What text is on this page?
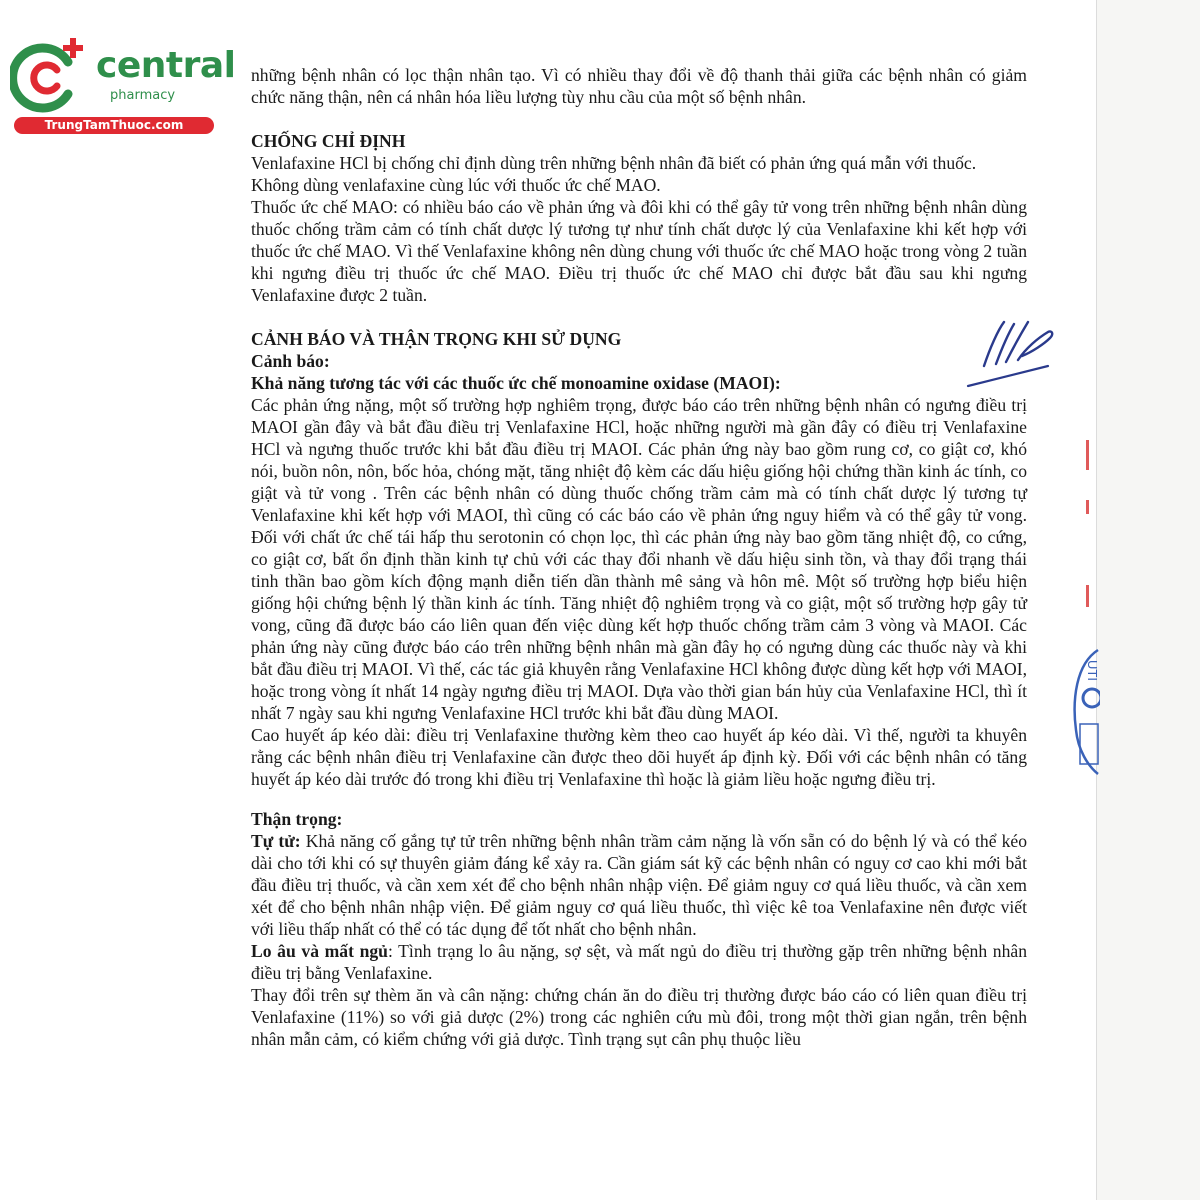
central
pharmacy
TrungTamThuoc.com

những bệnh nhân có lọc thận nhân tạo. Vì có nhiều thay đổi về độ thanh thải giữa các bệnh nhân có giảm chức năng thận, nên cá nhân hóa liều lượng tùy nhu cầu của một số bệnh nhân.

CHỐNG CHỈ ĐỊNH

Venlafaxine HCl bị chống chỉ định dùng trên những bệnh nhân đã biết có phản ứng quá mẫn với thuốc.

Không dùng venlafaxine cùng lúc với thuốc ức chế MAO.

Thuốc ức chế MAO: có nhiều báo cáo về phản ứng và đôi khi có thể gây tử vong trên những bệnh nhân dùng thuốc chống trầm cảm có tính chất dược lý tương tự như tính chất dược lý của Venlafaxine khi kết hợp với thuốc ức chế MAO. Vì thế Venlafaxine không nên dùng chung với thuốc ức chế MAO hoặc trong vòng 2 tuần khi ngưng điều trị thuốc ức chế MAO. Điều trị thuốc ức chế MAO chỉ được bắt đầu sau khi ngưng Venlafaxine được 2 tuần.

CẢNH BÁO VÀ THẬN TRỌNG KHI SỬ DỤNG

Cảnh báo:

Khả năng tương tác với các thuốc ức chế monoamine oxidase (MAOI):

Các phản ứng nặng, một số trường hợp nghiêm trọng, được báo cáo trên những bệnh nhân có ngưng điều trị MAOI gần đây và bắt đầu điều trị Venlafaxine HCl, hoặc những người mà gần đây có điều trị Venlafaxine HCl và ngưng thuốc trước khi bắt đầu điều trị MAOI. Các phản ứng này bao gồm rung cơ, co giật cơ, khó nói, buồn nôn, nôn, bốc hỏa, chóng mặt, tăng nhiệt độ kèm các dấu hiệu giống hội chứng thần kinh ác tính, co giật và tử vong . Trên các bệnh nhân có dùng thuốc chống trầm cảm mà có tính chất dược lý tương tự Venlafaxine khi kết hợp với MAOI, thì cũng có các báo cáo về phản ứng nguy hiểm và có thể gây tử vong. Đối với chất ức chế tái hấp thu serotonin có chọn lọc, thì các phản ứng này bao gồm tăng nhiệt độ, co cứng, co giật cơ, bất ổn định thần kinh tự chủ với các thay đổi nhanh về dấu hiệu sinh tồn, và thay đổi trạng thái tinh thần bao gồm kích động mạnh diễn tiến dần thành mê sảng và hôn mê. Một số trường hợp biểu hiện giống hội chứng bệnh lý thần kinh ác tính. Tăng nhiệt độ nghiêm trọng và co giật, một số trường hợp gây tử vong, cũng đã được báo cáo liên quan đến việc dùng kết hợp thuốc chống trầm cảm 3 vòng và MAOI. Các phản ứng này cũng được báo cáo trên những bệnh nhân mà gần đây họ có ngưng dùng các thuốc này và khi bắt đầu điều trị MAOI. Vì thế, các tác giả khuyên rằng Venlafaxine HCl không được dùng kết hợp với MAOI, hoặc trong vòng ít nhất 14 ngày ngưng điều trị MAOI. Dựa vào thời gian bán hủy của Venlafaxine HCl, thì ít nhất 7 ngày sau khi ngưng Venlafaxine HCl trước khi bắt đầu dùng MAOI.

Cao huyết áp kéo dài: điều trị Venlafaxine thường kèm theo cao huyết áp kéo dài. Vì thế, người ta khuyên rằng các bệnh nhân điều trị Venlafaxine cần được theo dõi huyết áp định kỳ. Đối với các bệnh nhân có tăng huyết áp kéo dài trước đó trong khi điều trị Venlafaxine thì hoặc là giảm liều hoặc ngưng điều trị.

Thận trọng:

Tự tử: Khả năng cố gắng tự tử trên những bệnh nhân trầm cảm nặng là vốn sẵn có do bệnh lý và có thể kéo dài cho tới khi có sự thuyên giảm đáng kể xảy ra. Cần giám sát kỹ các bệnh nhân có nguy cơ cao khi mới bắt đầu điều trị thuốc, và cần xem xét để cho bệnh nhân nhập viện. Để giảm nguy cơ quá liều thuốc, và cần xem xét để cho bệnh nhân nhập viện. Để giảm nguy cơ quá liều thuốc, thì việc kê toa Venlafaxine nên được viết với liều thấp nhất có thể có tác dụng để tốt nhất cho bệnh nhân.

Lo âu và mất ngủ: Tình trạng lo âu nặng, sợ sệt, và mất ngủ do điều trị thường gặp trên những bệnh nhân điều trị bằng Venlafaxine.

Thay đổi trên sự thèm ăn và cân nặng: chứng chán ăn do điều trị thường được báo cáo có liên quan điều trị Venlafaxine (11%) so với giả dược (2%) trong các nghiên cứu mù đôi, trong một thời gian ngắn, trên bệnh nhân mẫn cảm, có kiểm chứng với giả dược. Tình trạng sụt cân phụ thuộc liều

UTI
